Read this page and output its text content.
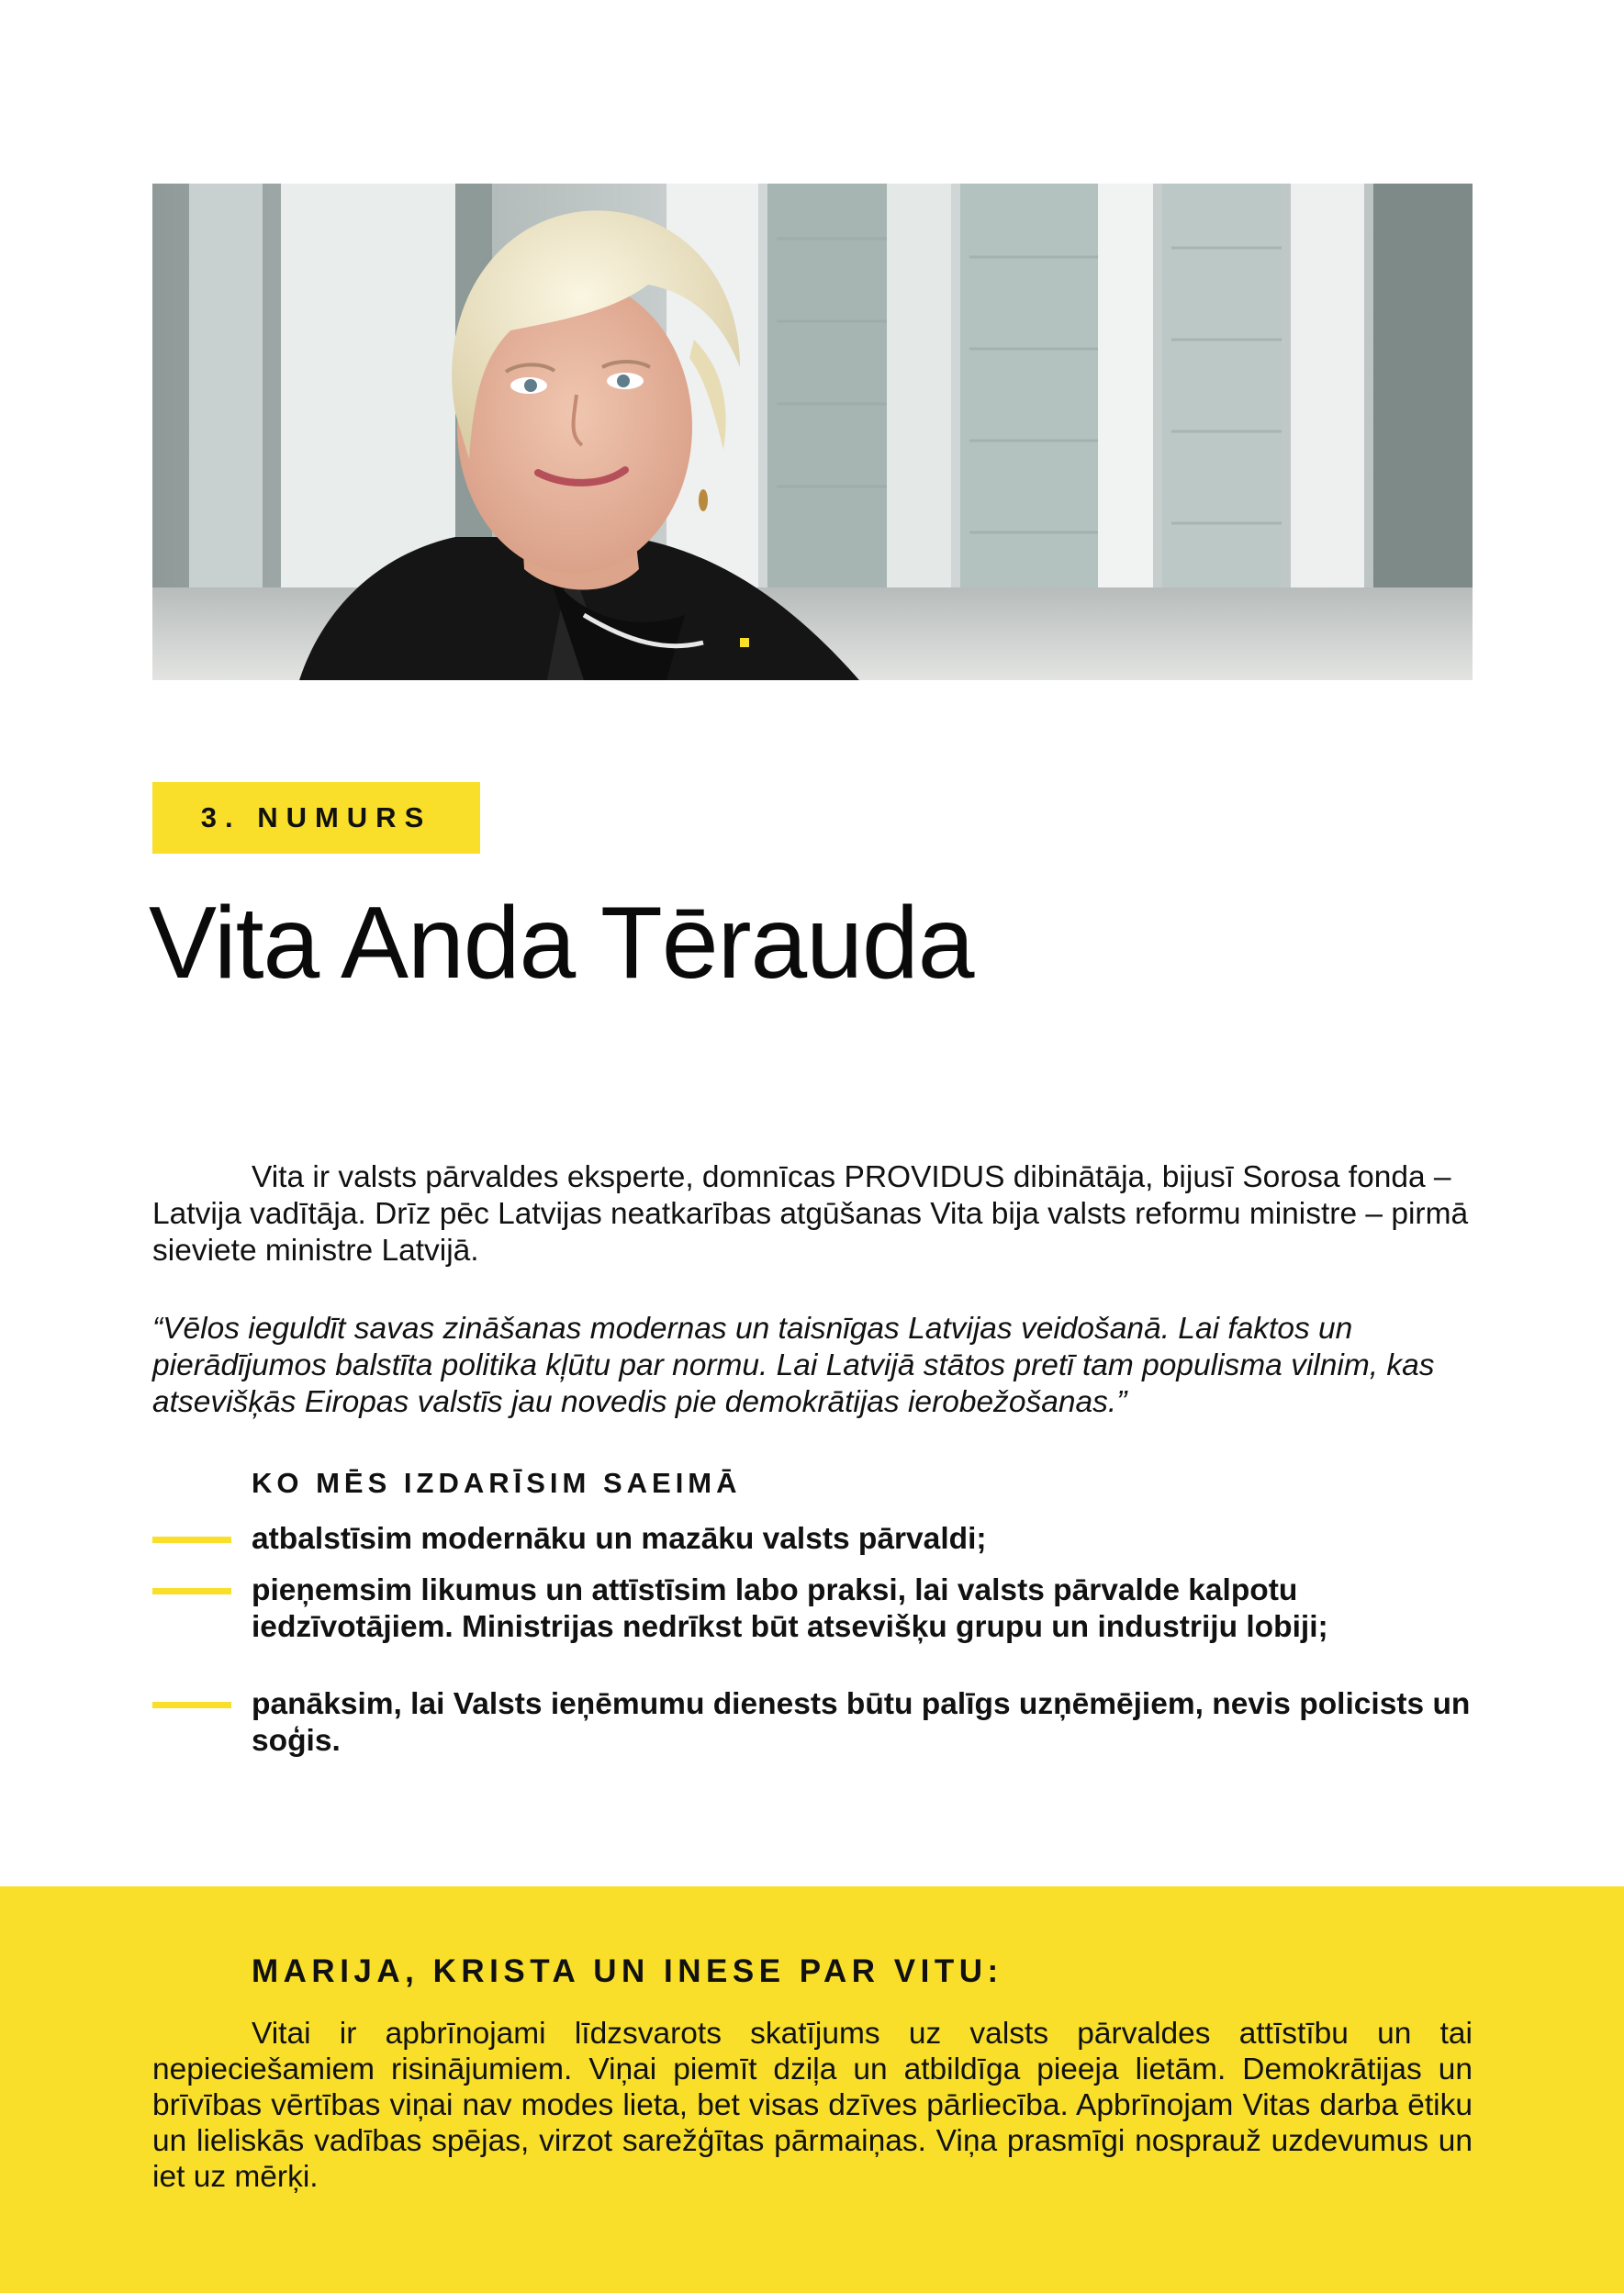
3. NUMURS
Vita Anda Tērauda

Vita ir valsts pārvaldes eksperte, domnīcas PROVIDUS dibinātāja, bijusī Sorosa fonda – Latvija vadītāja. Drīz pēc Latvijas neatkarības atgūšanas Vita bija valsts reformu ministre – pirmā sieviete ministre Latvijā.

“Vēlos ieguldīt savas zināšanas modernas un taisnīgas Latvijas veidošanā. Lai faktos un pierādījumos balstīta politika kļūtu par normu. Lai Latvijā stātos pretī tam populisma vilnim, kas atsevišķās Eiropas valstīs jau novedis pie demokrātijas ierobežošanas.”

KO MĒS IZDARĪSIM SAEIMĀ

atbalstīsim modernāku un mazāku valsts pārvaldi;

pieņemsim likumus un attīstīsim labo praksi, lai valsts pārvalde kalpotu iedzīvotājiem. Ministrijas nedrīkst būt atsevišķu grupu un industriju lobiji;

panāksim, lai Valsts ieņēmumu dienests būtu palīgs uzņēmējiem, nevis policists un soģis.

MARIJA, KRISTA UN INESE PAR VITU:

Vitai ir apbrīnojami līdzsvarots skatījums uz valsts pārvaldes attīstību un tai nepieciešamiem risinājumiem. Viņai piemīt dziļa un atbildīga pieeja lietām. Demokrātijas un brīvības vērtības viņai nav modes lieta, bet visas dzīves pārliecība. Apbrīnojam Vitas darba ētiku un lieliskās vadības spējas, virzot sarežģītas pārmaiņas. Viņa prasmīgi nosprauž uzdevumus un iet uz mērķi.
